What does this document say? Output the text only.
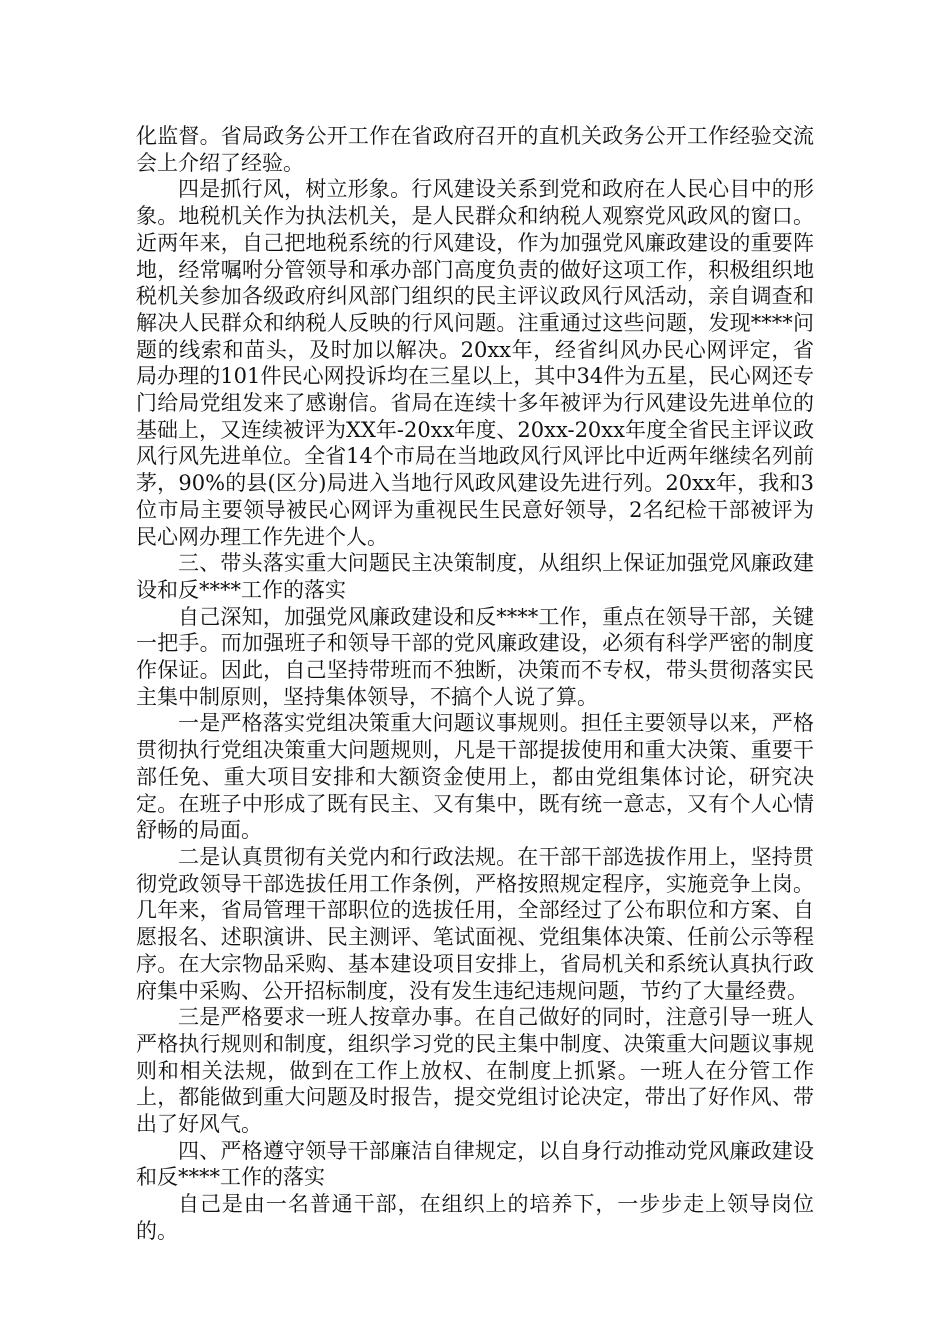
化监督。省局政务公开工作在省政府召开的直机关政务公开工作经验交流会上介绍了经验。

四是抓行风，树立形象。行风建设关系到党和政府在人民心目中的形象。地税机关作为执法机关，是人民群众和纳税人观察党风政风的窗口。近两年来，自己把地税系统的行风建设，作为加强党风廉政建设的重要阵地，经常嘱咐分管领导和承办部门高度负责的做好这项工作，积极组织地税机关参加各级政府纠风部门组织的民主评议政风行风活动，亲自调查和解决人民群众和纳税人反映的行风问题。注重通过这些问题，发现****问题的线索和苗头，及时加以解决。20xx年，经省纠风办民心网评定，省局办理的101件民心网投诉均在三星以上，其中34件为五星，民心网还专门给局党组发来了感谢信。省局在连续十多年被评为行风建设先进单位的基础上，又连续被评为XX年-20xx年度、20xx-20xx年度全省民主评议政风行风先进单位。全省14个市局在当地政风行风评比中近两年继续名列前茅，90%的县(区分)局进入当地行风政风建设先进行列。20xx年，我和3位市局主要领导被民心网评为重视民生民意好领导，2名纪检干部被评为民心网办理工作先进个人。

三、带头落实重大问题民主决策制度，从组织上保证加强党风廉政建设和反****工作的落实

自己深知，加强党风廉政建设和反****工作，重点在领导干部，关键一把手。而加强班子和领导干部的党风廉政建设，必须有科学严密的制度作保证。因此，自己坚持带班而不独断，决策而不专权，带头贯彻落实民主集中制原则，坚持集体领导，不搞个人说了算。

一是严格落实党组决策重大问题议事规则。担任主要领导以来，严格贯彻执行党组决策重大问题规则，凡是干部提拔使用和重大决策、重要干部任免、重大项目安排和大额资金使用上，都由党组集体讨论，研究决定。在班子中形成了既有民主、又有集中，既有统一意志，又有个人心情舒畅的局面。

二是认真贯彻有关党内和行政法规。在干部干部选拔作用上，坚持贯彻党政领导干部选拔任用工作条例，严格按照规定程序，实施竞争上岗。几年来，省局管理干部职位的选拔任用，全部经过了公布职位和方案、自愿报名、述职演讲、民主测评、笔试面视、党组集体决策、任前公示等程序。在大宗物品采购、基本建设项目安排上，省局机关和系统认真执行政府集中采购、公开招标制度，没有发生违纪违规问题，节约了大量经费。

三是严格要求一班人按章办事。在自己做好的同时，注意引导一班人严格执行规则和制度，组织学习党的民主集中制度、决策重大问题议事规则和相关法规，做到在工作上放权、在制度上抓紧。一班人在分管工作上，都能做到重大问题及时报告，提交党组讨论决定，带出了好作风、带出了好风气。

四、严格遵守领导干部廉洁自律规定，以自身行动推动党风廉政建设和反****工作的落实

自己是由一名普通干部，在组织上的培养下，一步步走上领导岗位的。
